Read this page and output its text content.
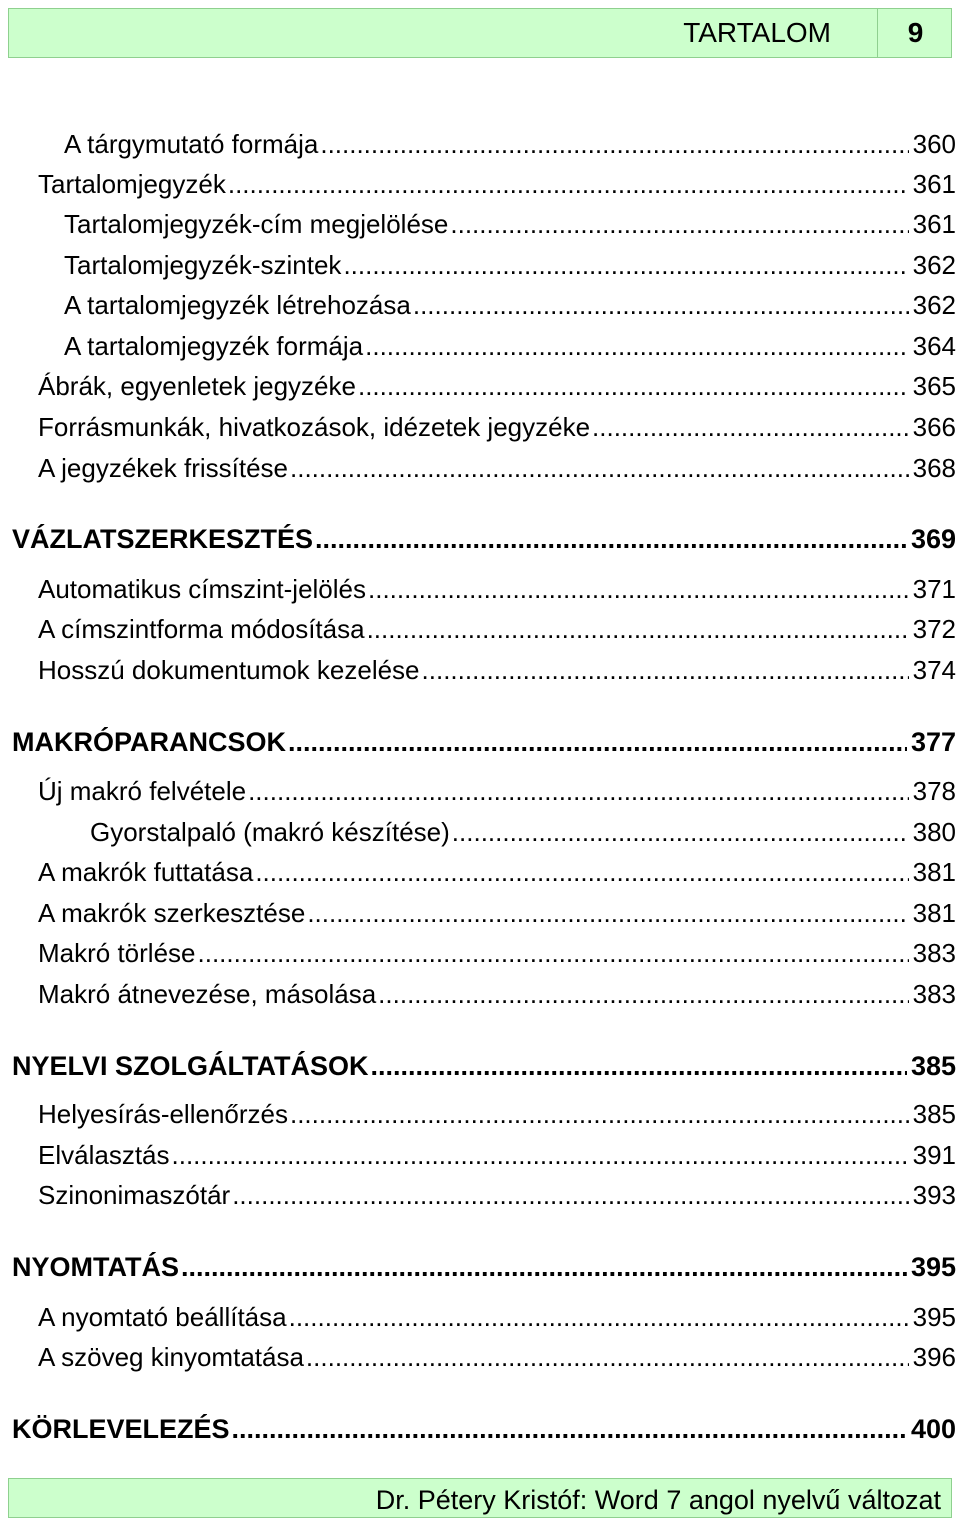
TARTALOM	9
A tárgymutató formája .....	360
Tartalomjegyzék .....	361
Tartalomjegyzék-cím megjelölése .....	361
Tartalomjegyzék-szintek .....	362
A tartalomjegyzék létrehozása .....	362
A tartalomjegyzék formája .....	364
Ábrák, egyenletek jegyzéke .....	365
Forrásmunkák, hivatkozások, idézetek jegyzéke .....	366
A jegyzékek frissítése .....	368
VÁZLATSZERKESZTÉS .....	369
Automatikus címszint-jelölés .....	371
A címszintforma módosítása .....	372
Hosszú dokumentumok kezelése .....	374
MAKRÓPARANCSOK .....	377
Új makró felvétele .....	378
Gyorstalpaló (makró készítése) .....	380
A makrók futtatása .....	381
A makrók szerkesztése .....	381
Makró törlése .....	383
Makró átnevezése, másolása .....	383
NYELVI SZOLGÁLTATÁSOK .....	385
Helyesírás-ellenőrzés .....	385
Elválasztás .....	391
Szinonimaszótár .....	393
NYOMTATÁS .....	395
A nyomtató beállítása .....	395
A szöveg kinyomtatása .....	396
KÖRLEVELEZÉS .....	400
Dr. Pétery Kristóf: Word 7 angol nyelvű változat
